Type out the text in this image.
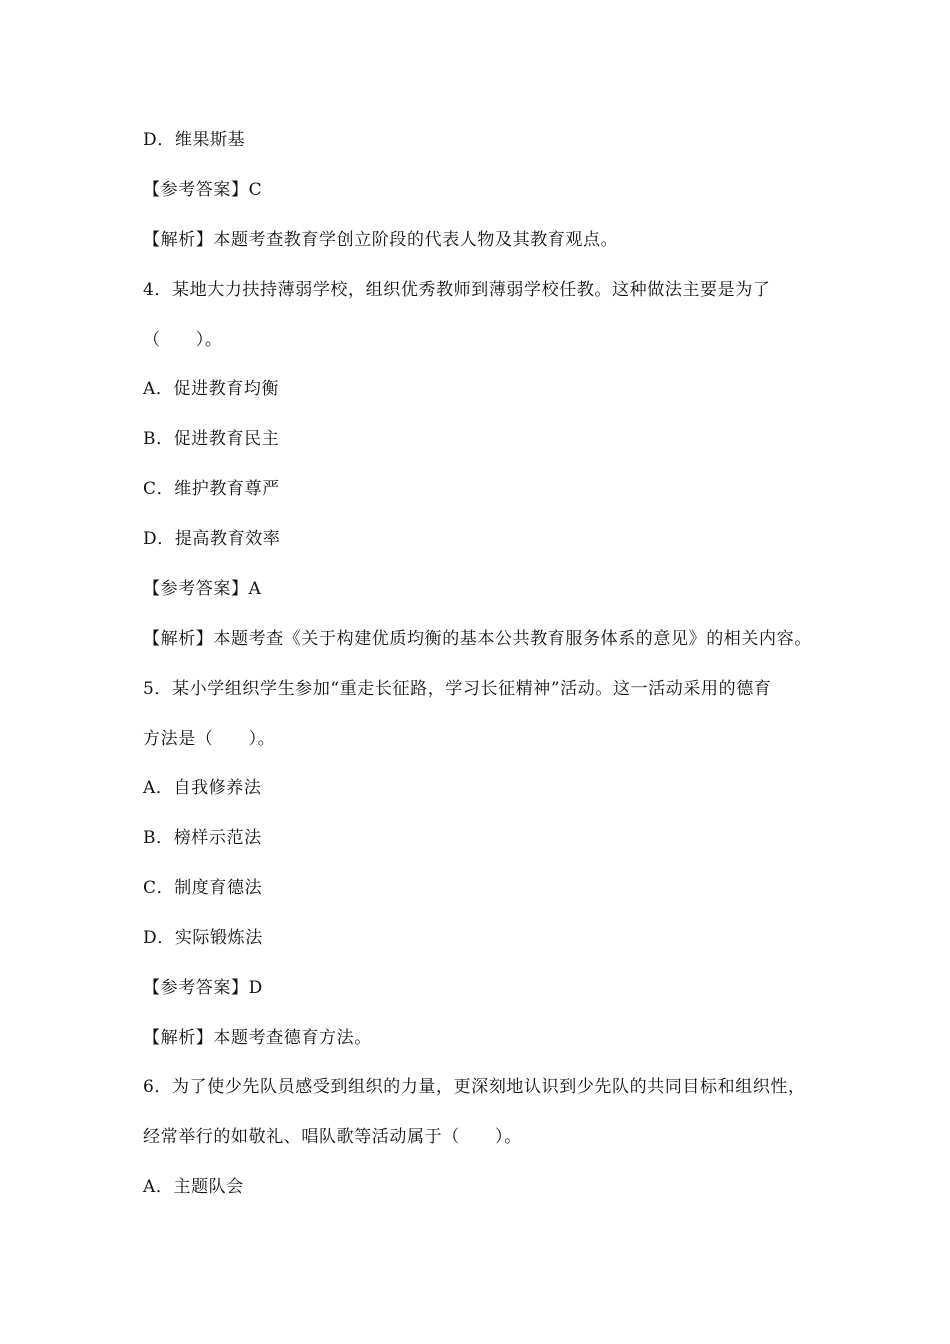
D．维果斯基
【参考答案】C
【解析】本题考查教育学创立阶段的代表人物及其教育观点。
4．某地大力扶持薄弱学校，组织优秀教师到薄弱学校任教。这种做法主要是为了
（　　）。
A．促进教育均衡
B．促进教育民主
C．维护教育尊严
D．提高教育效率
【参考答案】A
【解析】本题考查《关于构建优质均衡的基本公共教育服务体系的意见》的相关内容。
5．某小学组织学生参加“重走长征路，学习长征精神”活动。这一活动采用的德育
方法是（　　）。
A．自我修养法
B．榜样示范法
C．制度育德法
D．实际锻炼法
【参考答案】D
【解析】本题考查德育方法。
6．为了使少先队员感受到组织的力量，更深刻地认识到少先队的共同目标和组织性，
经常举行的如敬礼、唱队歌等活动属于（　　）。
A．主题队会
